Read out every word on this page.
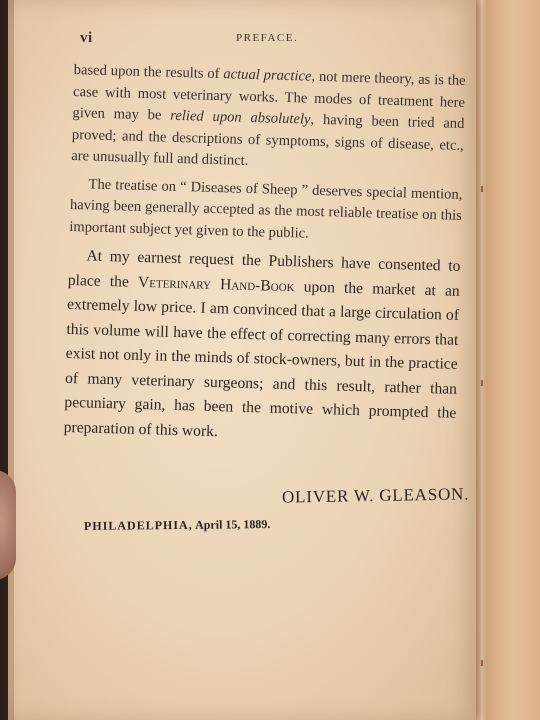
vi	PREFACE.

based upon the results of actual practice, not mere theory, as is the case with most veterinary works. The modes of treatment here given may be relied upon absolutely, having been tried and proved; and the descriptions of symptoms, signs of disease, etc., are unusually full and distinct.

The treatise on “ Diseases of Sheep ” deserves special mention, having been generally accepted as the most reliable treatise on this important subject yet given to the public.

At my earnest request the Publishers have consented to place the Veterinary Hand-Book upon the market at an extremely low price. I am convinced that a large circulation of this volume will have the effect of correcting many errors that exist not only in the minds of stock-owners, but in the practice of many veterinary surgeons; and this result, rather than pecuniary gain, has been the motive which prompted the preparation of this work.

OLIVER W. GLEASON.
PHILADELPHIA, April 15, 1889.
